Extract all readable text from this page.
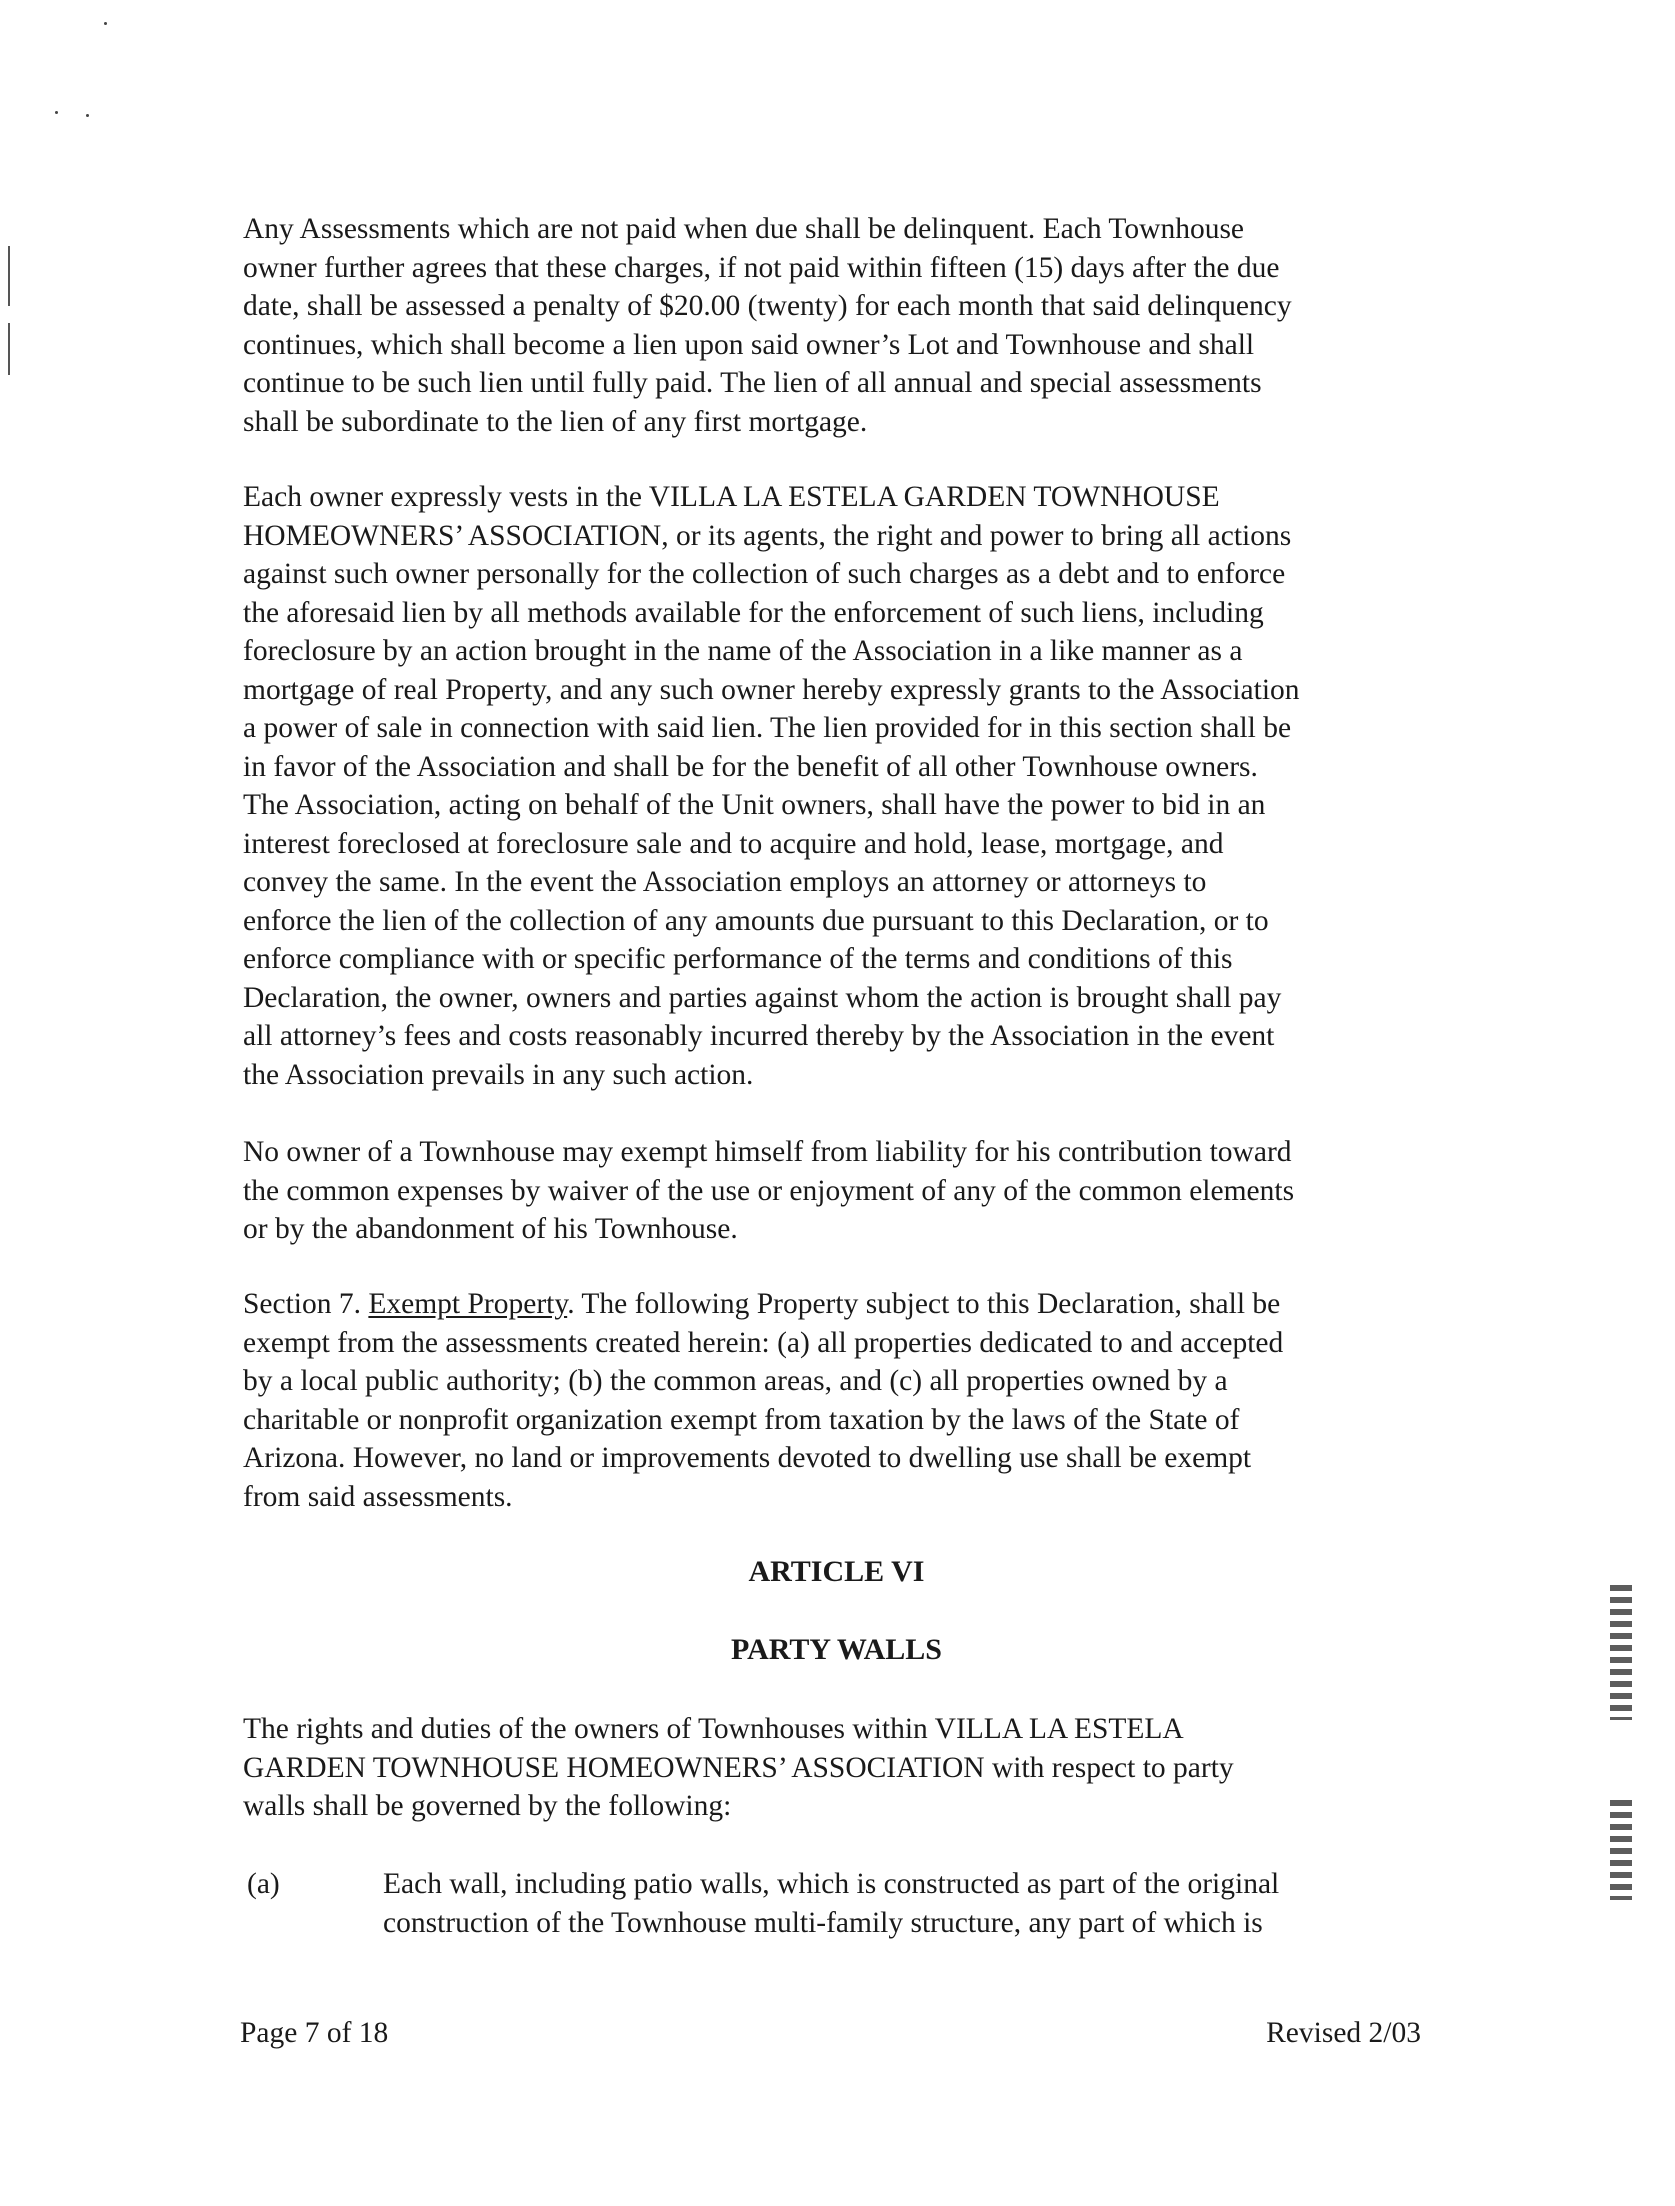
Any Assessments which are not paid when due shall be delinquent. Each Townhouse
owner further agrees that these charges, if not paid within fifteen (15) days after the due
date, shall be assessed a penalty of $20.00 (twenty) for each month that said delinquency
continues, which shall become a lien upon said owner’s Lot and Townhouse and shall
continue to be such lien until fully paid. The lien of all annual and special assessments
shall be subordinate to the lien of any first mortgage.

Each owner expressly vests in the VILLA LA ESTELA GARDEN TOWNHOUSE
HOMEOWNERS’ ASSOCIATION, or its agents, the right and power to bring all actions
against such owner personally for the collection of such charges as a debt and to enforce
the aforesaid lien by all methods available for the enforcement of such liens, including
foreclosure by an action brought in the name of the Association in a like manner as a
mortgage of real Property, and any such owner hereby expressly grants to the Association
a power of sale in connection with said lien. The lien provided for in this section shall be
in favor of the Association and shall be for the benefit of all other Townhouse owners.
The Association, acting on behalf of the Unit owners, shall have the power to bid in an
interest foreclosed at foreclosure sale and to acquire and hold, lease, mortgage, and
convey the same. In the event the Association employs an attorney or attorneys to
enforce the lien of the collection of any amounts due pursuant to this Declaration, or to
enforce compliance with or specific performance of the terms and conditions of this
Declaration, the owner, owners and parties against whom the action is brought shall pay
all attorney’s fees and costs reasonably incurred thereby by the Association in the event
the Association prevails in any such action.

No owner of a Townhouse may exempt himself from liability for his contribution toward
the common expenses by waiver of the use or enjoyment of any of the common elements
or by the abandonment of his Townhouse.

Section 7. Exempt Property. The following Property subject to this Declaration, shall be
exempt from the assessments created herein: (a) all properties dedicated to and accepted
by a local public authority; (b) the common areas, and (c) all properties owned by a
charitable or nonprofit organization exempt from taxation by the laws of the State of
Arizona. However, no land or improvements devoted to dwelling use shall be exempt
from said assessments.

ARTICLE VI
PARTY WALLS

The rights and duties of the owners of Townhouses within VILLA LA ESTELA
GARDEN TOWNHOUSE HOMEOWNERS’ ASSOCIATION with respect to party
walls shall be governed by the following:

(a)	Each wall, including patio walls, which is constructed as part of the original
construction of the Townhouse multi-family structure, any part of which is

Page 7 of 18	Revised 2/03
